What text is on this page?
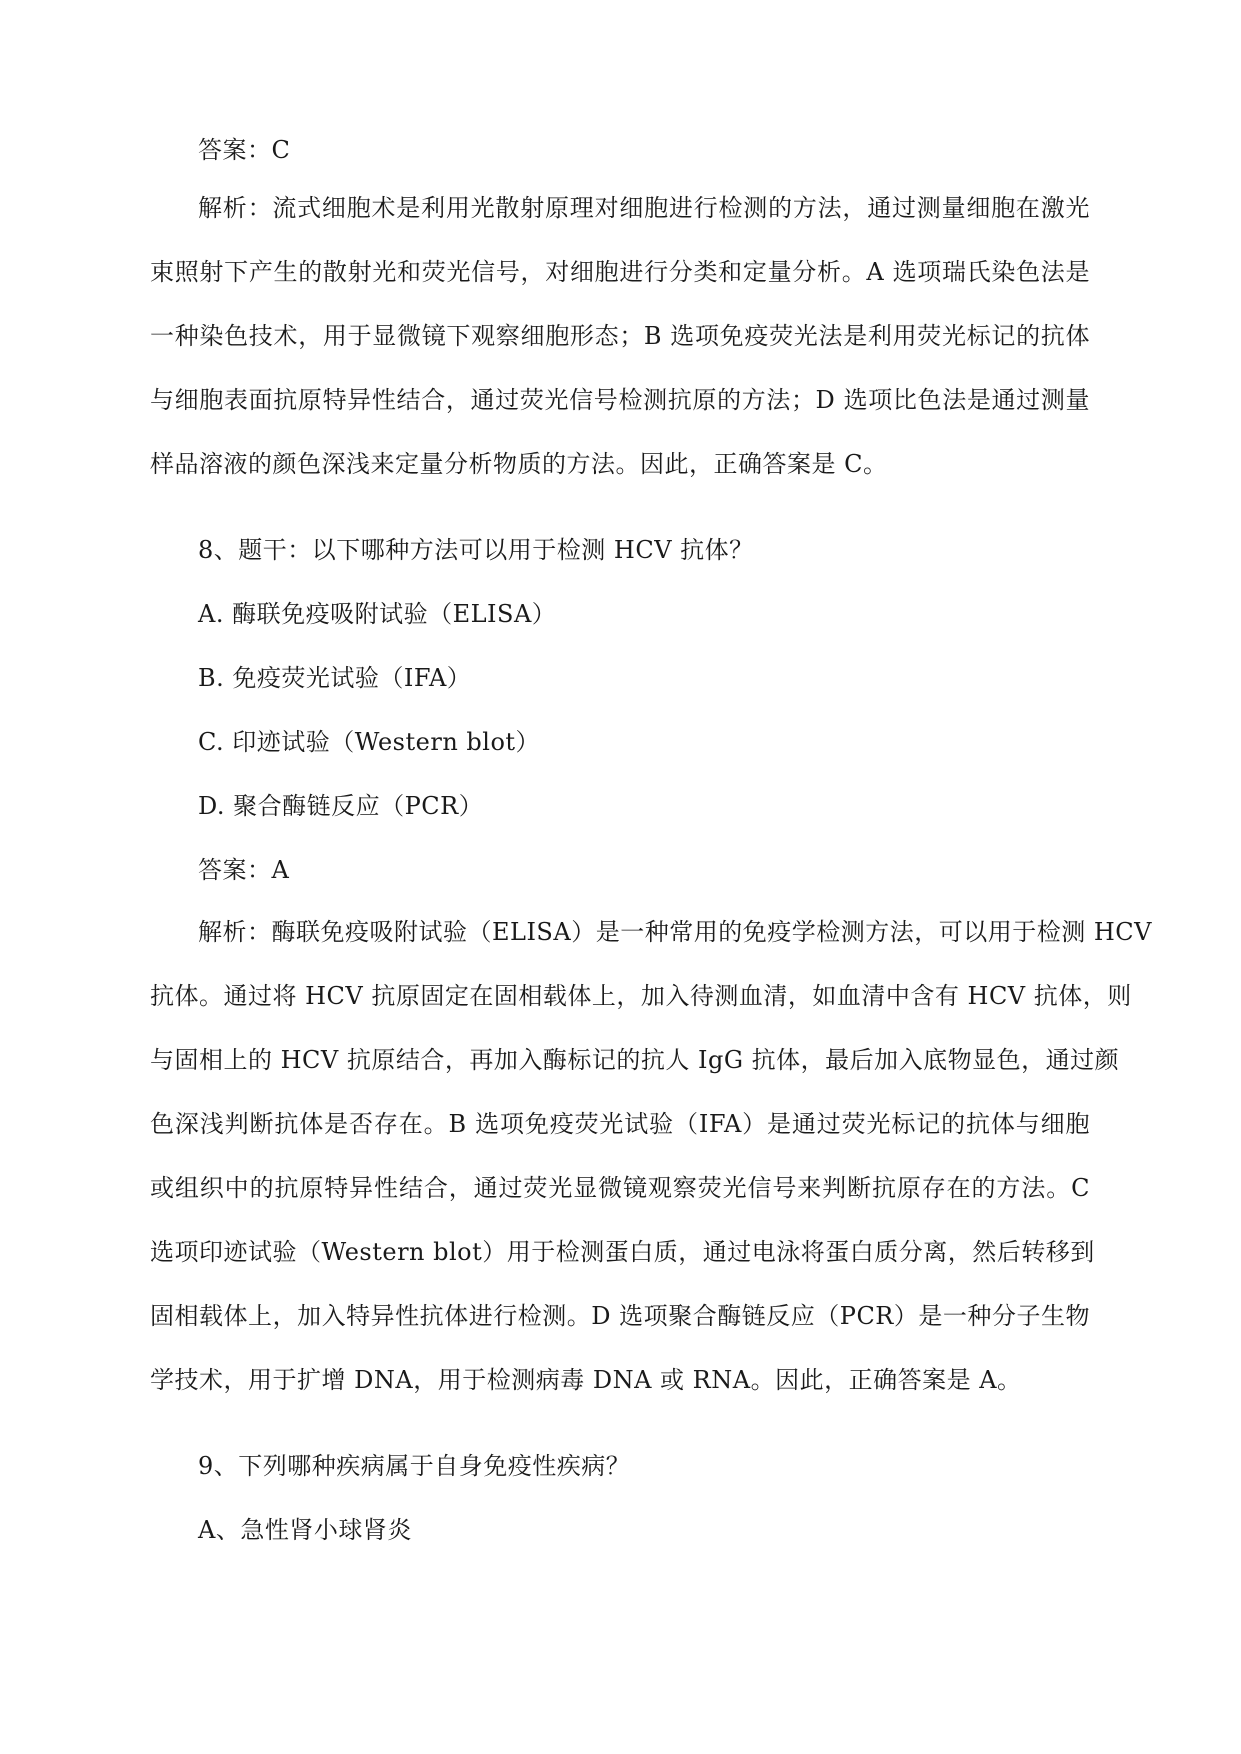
答案：C

解析：流式细胞术是利用光散射原理对细胞进行检测的方法，通过测量细胞在激光
束照射下产生的散射光和荧光信号，对细胞进行分类和定量分析。A 选项瑞氏染色法是
一种染色技术，用于显微镜下观察细胞形态；B 选项免疫荧光法是利用荧光标记的抗体
与细胞表面抗原特异性结合，通过荧光信号检测抗原的方法；D 选项比色法是通过测量
样品溶液的颜色深浅来定量分析物质的方法。因此，正确答案是 C。

8、题干：以下哪种方法可以用于检测 HCV 抗体？

A. 酶联免疫吸附试验（ELISA）

B. 免疫荧光试验（IFA）

C. 印迹试验（Western blot）

D. 聚合酶链反应（PCR）

答案：A

解析：酶联免疫吸附试验（ELISA）是一种常用的免疫学检测方法，可以用于检测 HCV
抗体。通过将 HCV 抗原固定在固相载体上，加入待测血清，如血清中含有 HCV 抗体，则
与固相上的 HCV 抗原结合，再加入酶标记的抗人 IgG 抗体，最后加入底物显色，通过颜
色深浅判断抗体是否存在。B 选项免疫荧光试验（IFA）是通过荧光标记的抗体与细胞
或组织中的抗原特异性结合，通过荧光显微镜观察荧光信号来判断抗原存在的方法。C
选项印迹试验（Western blot）用于检测蛋白质，通过电泳将蛋白质分离，然后转移到
固相载体上，加入特异性抗体进行检测。D 选项聚合酶链反应（PCR）是一种分子生物
学技术，用于扩增 DNA，用于检测病毒 DNA 或 RNA。因此，正确答案是 A。

9、下列哪种疾病属于自身免疫性疾病？

A、急性肾小球肾炎
